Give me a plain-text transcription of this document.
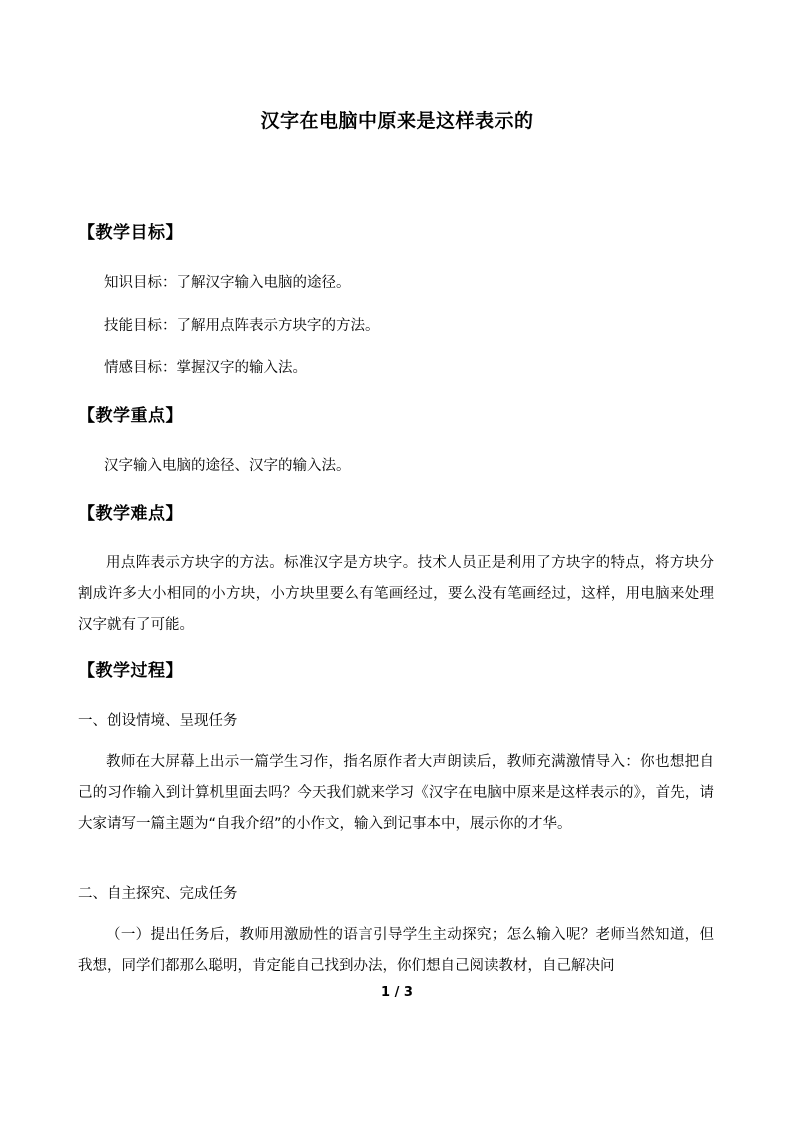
汉字在电脑中原来是这样表示的
【教学目标】
知识目标：了解汉字输入电脑的途径。
技能目标：了解用点阵表示方块字的方法。
情感目标：掌握汉字的输入法。
【教学重点】
汉字输入电脑的途径、汉字的输入法。
【教学难点】
用点阵表示方块字的方法。标准汉字是方块字。技术人员正是利用了方块字的特点，将方块分割成许多大小相同的小方块，小方块里要么有笔画经过，要么没有笔画经过，这样，用电脑来处理汉字就有了可能。
【教学过程】
一、创设情境、呈现任务
教师在大屏幕上出示一篇学生习作，指名原作者大声朗读后，教师充满激情导入：你也想把自己的习作输入到计算机里面去吗？今天我们就来学习《汉字在电脑中原来是这样表示的》，首先，请大家请写一篇主题为“自我介绍”的小作文，输入到记事本中，展示你的才华。
二、自主探究、完成任务
（一）提出任务后，教师用激励性的语言引导学生主动探究；怎么输入呢？老师当然知道，但我想，同学们都那么聪明，肯定能自己找到办法，你们想自己阅读教材，自己解决问
1 / 3
